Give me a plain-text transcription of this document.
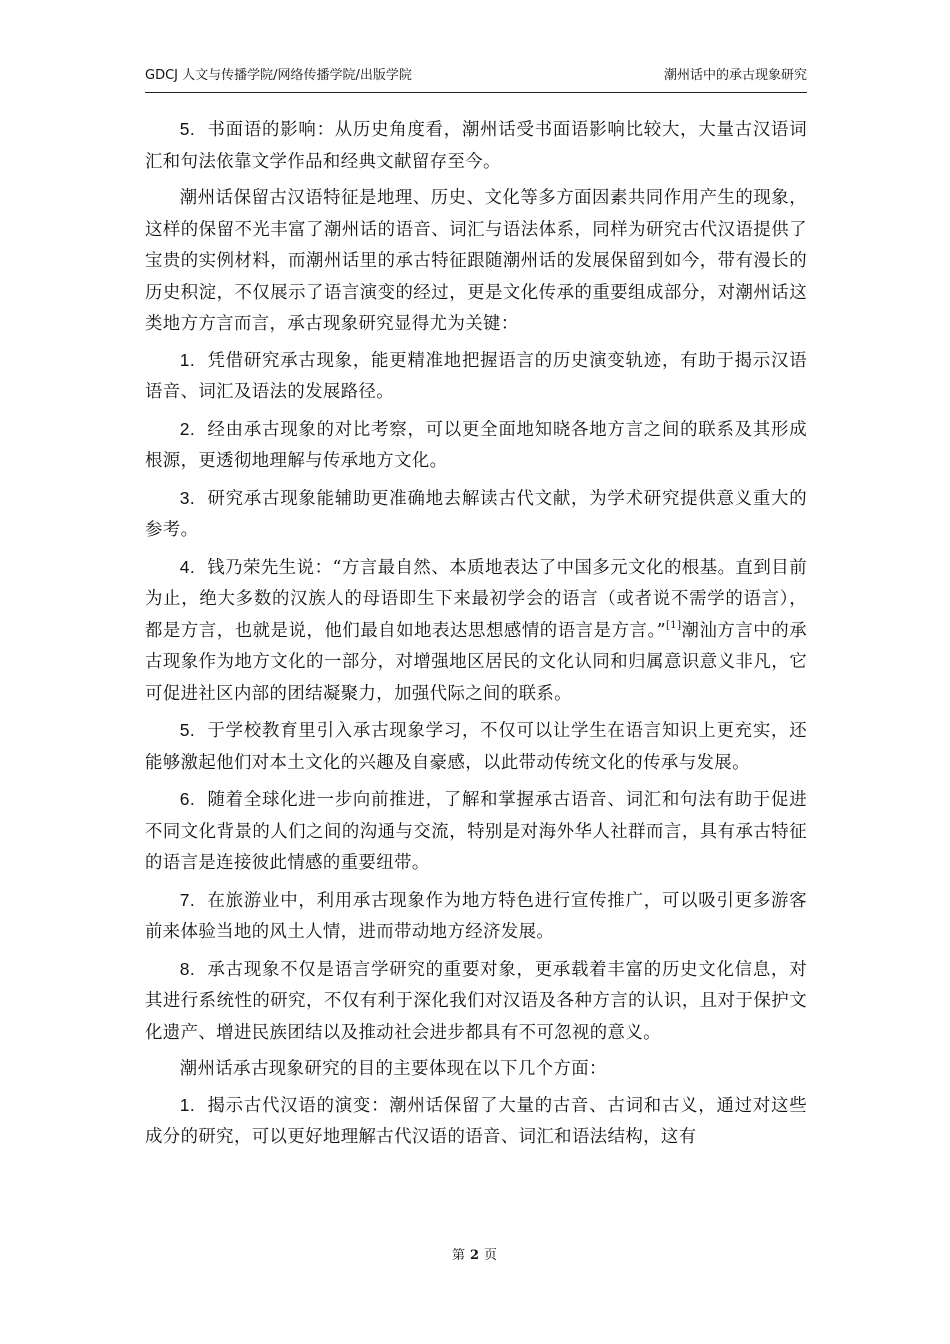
GDCJ 人文与传播学院/网络传播学院/出版学院	潮州话中的承古现象研究

5. 书面语的影响：从历史角度看，潮州话受书面语影响比较大，大量古汉语词汇和句法依靠文学作品和经典文献留存至今。

潮州话保留古汉语特征是地理、历史、文化等多方面因素共同作用产生的现象，这样的保留不光丰富了潮州话的语音、词汇与语法体系，同样为研究古代汉语提供了宝贵的实例材料，而潮州话里的承古特征跟随潮州话的发展保留到如今，带有漫长的历史积淀，不仅展示了语言演变的经过，更是文化传承的重要组成部分，对潮州话这类地方方言而言，承古现象研究显得尤为关键：

1. 凭借研究承古现象，能更精准地把握语言的历史演变轨迹，有助于揭示汉语语音、词汇及语法的发展路径。

2. 经由承古现象的对比考察，可以更全面地知晓各地方言之间的联系及其形成根源，更透彻地理解与传承地方文化。

3. 研究承古现象能辅助更准确地去解读古代文献，为学术研究提供意义重大的参考。

4. 钱乃荣先生说：“方言最自然、本质地表达了中国多元文化的根基。直到目前为止，绝大多数的汉族人的母语即生下来最初学会的语言（或者说不需学的语言），都是方言，也就是说，他们最自如地表达思想感情的语言是方言。”[1]潮汕方言中的承古现象作为地方文化的一部分，对增强地区居民的文化认同和归属意识意义非凡，它可促进社区内部的团结凝聚力，加强代际之间的联系。

5. 于学校教育里引入承古现象学习，不仅可以让学生在语言知识上更充实，还能够激起他们对本土文化的兴趣及自豪感，以此带动传统文化的传承与发展。

6. 随着全球化进一步向前推进，了解和掌握承古语音、词汇和句法有助于促进不同文化背景的人们之间的沟通与交流，特别是对海外华人社群而言，具有承古特征的语言是连接彼此情感的重要纽带。

7. 在旅游业中，利用承古现象作为地方特色进行宣传推广，可以吸引更多游客前来体验当地的风土人情，进而带动地方经济发展。

8. 承古现象不仅是语言学研究的重要对象，更承载着丰富的历史文化信息，对其进行系统性的研究，不仅有利于深化我们对汉语及各种方言的认识，且对于保护文化遗产、增进民族团结以及推动社会进步都具有不可忽视的意义。

潮州话承古现象研究的目的主要体现在以下几个方面：

1. 揭示古代汉语的演变：潮州话保留了大量的古音、古词和古义，通过对这些成分的研究，可以更好地理解古代汉语的语音、词汇和语法结构，这有

第 2 页
